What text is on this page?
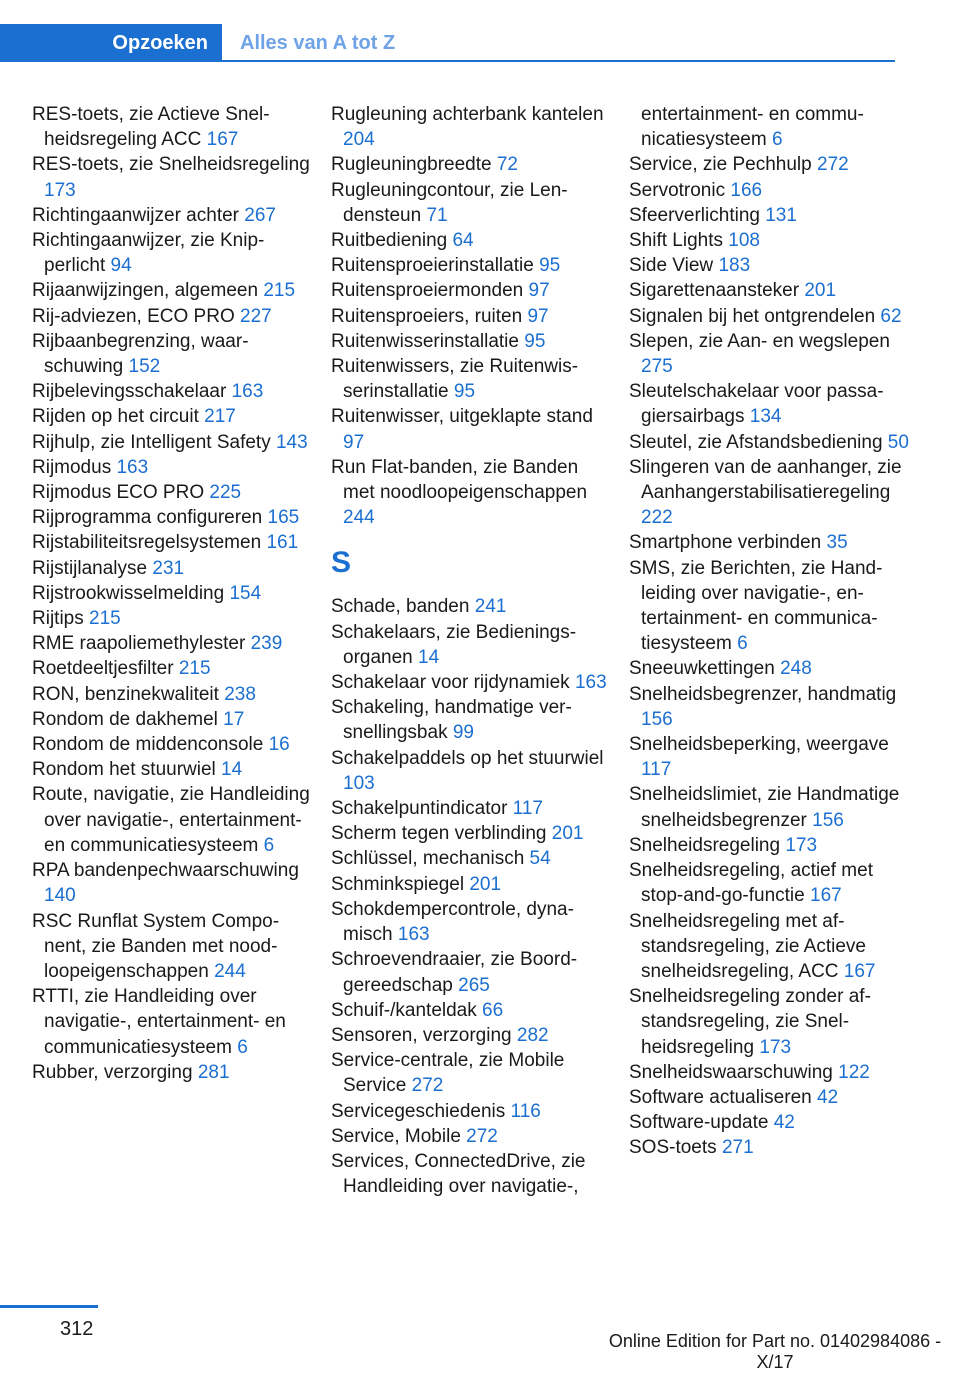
Opzoeken	Alles van A tot Z
RES-toets, zie Actieve Snelheidsregeling ACC 167
RES-toets, zie Snelheidsregeling 173
Richtingaanwijzer achter 267
Richtingaanwijzer, zie Knipperlicht 94
Rijaanwijzingen, algemeen 215
Rij-adviezen, ECO PRO 227
Rijbaanbegrenzing, waarschuwing 152
Rijbelevingsschakelaar 163
Rijden op het circuit 217
Rijhulp, zie Intelligent Safety 143
Rijmodus 163
Rijmodus ECO PRO 225
Rijprogramma configureren 165
Rijstabiliteitsregelsystemen 161
Rijstijlanalyse 231
Rijstrookwisselmelding 154
Rijtips 215
RME raapoliemethylester 239
Roetdeeltjesfilter 215
RON, benzinekwaliteit 238
Rondom de dakhemel 17
Rondom de middenconsole 16
Rondom het stuurwiel 14
Route, navigatie, zie Handleiding over navigatie-, entertainment- en communicatiesysteem 6
RPA bandenpechwaarschuwing 140
RSC Runflat System Component, zie Banden met noodloopeigenschappen 244
RTTI, zie Handleiding over navigatie-, entertainment- en communicatiesysteem 6
Rubber, verzorging 281
Rugleuning achterbank kantelen 204
Rugleuningbreedte 72
Rugleuningcontour, zie Lendensteun 71
Ruitbediening 64
Ruitensproeierinstallatie 95
Ruitensproeiermonden 97
Ruitensproeiers, ruiten 97
Ruitenwisserinstallatie 95
Ruitenwissers, zie Ruitenwisserinstallatie 95
Ruitenwisser, uitgeklapte stand 97
Run Flat-banden, zie Banden met noodloopeigenschappen 244
S
Schade, banden 241
Schakelaars, zie Bedieningsorganen 14
Schakelaar voor rijdynamiek 163
Schakeling, handmatige versnellingsbak 99
Schakelpaddels op het stuurwiel 103
Schakelpuntindicator 117
Scherm tegen verblinding 201
Schlüssel, mechanisch 54
Schminkspiegel 201
Schokdempercontrole, dynamisch 163
Schroevendraaier, zie Boordgereedschap 265
Schuif-/kanteldak 66
Sensoren, verzorging 282
Service-centrale, zie Mobile Service 272
Servicegeschiedenis 116
Service, Mobile 272
Services, ConnectedDrive, zie Handleiding over navigatie-,
entertainment- en communicatiesysteem 6
Service, zie Pechhulp 272
Servotronic 166
Sfeerverlichting 131
Shift Lights 108
Side View 183
Sigarettenaansteker 201
Signalen bij het ontgrendelen 62
Slepen, zie Aan- en wegslepen 275
Sleutelschakelaar voor passagiersairbags 134
Sleutel, zie Afstandsbediening 50
Slingeren van de aanhanger, zie Aanhangerstabilisatieregeling 222
Smartphone verbinden 35
SMS, zie Berichten, zie Handleiding over navigatie-, entertainment- en communicatiesysteem 6
Sneeuwkettingen 248
Snelheidsbegrenzer, handmatig 156
Snelheidsbeperking, weergave 117
Snelheidslimiet, zie Handmatige snelheidsbegrenzer 156
Snelheidsregeling 173
Snelheidsregeling, actief met stop-and-go-functie 167
Snelheidsregeling met afstandsregeling, zie Actieve snelheidsregeling, ACC 167
Snelheidsregeling zonder afstandsregeling, zie Snelheidsregeling 173
Snelheidswaarschuwing 122
Software actualiseren 42
Software-update 42
SOS-toets 271
312
Online Edition for Part no. 01402984086 - X/17
